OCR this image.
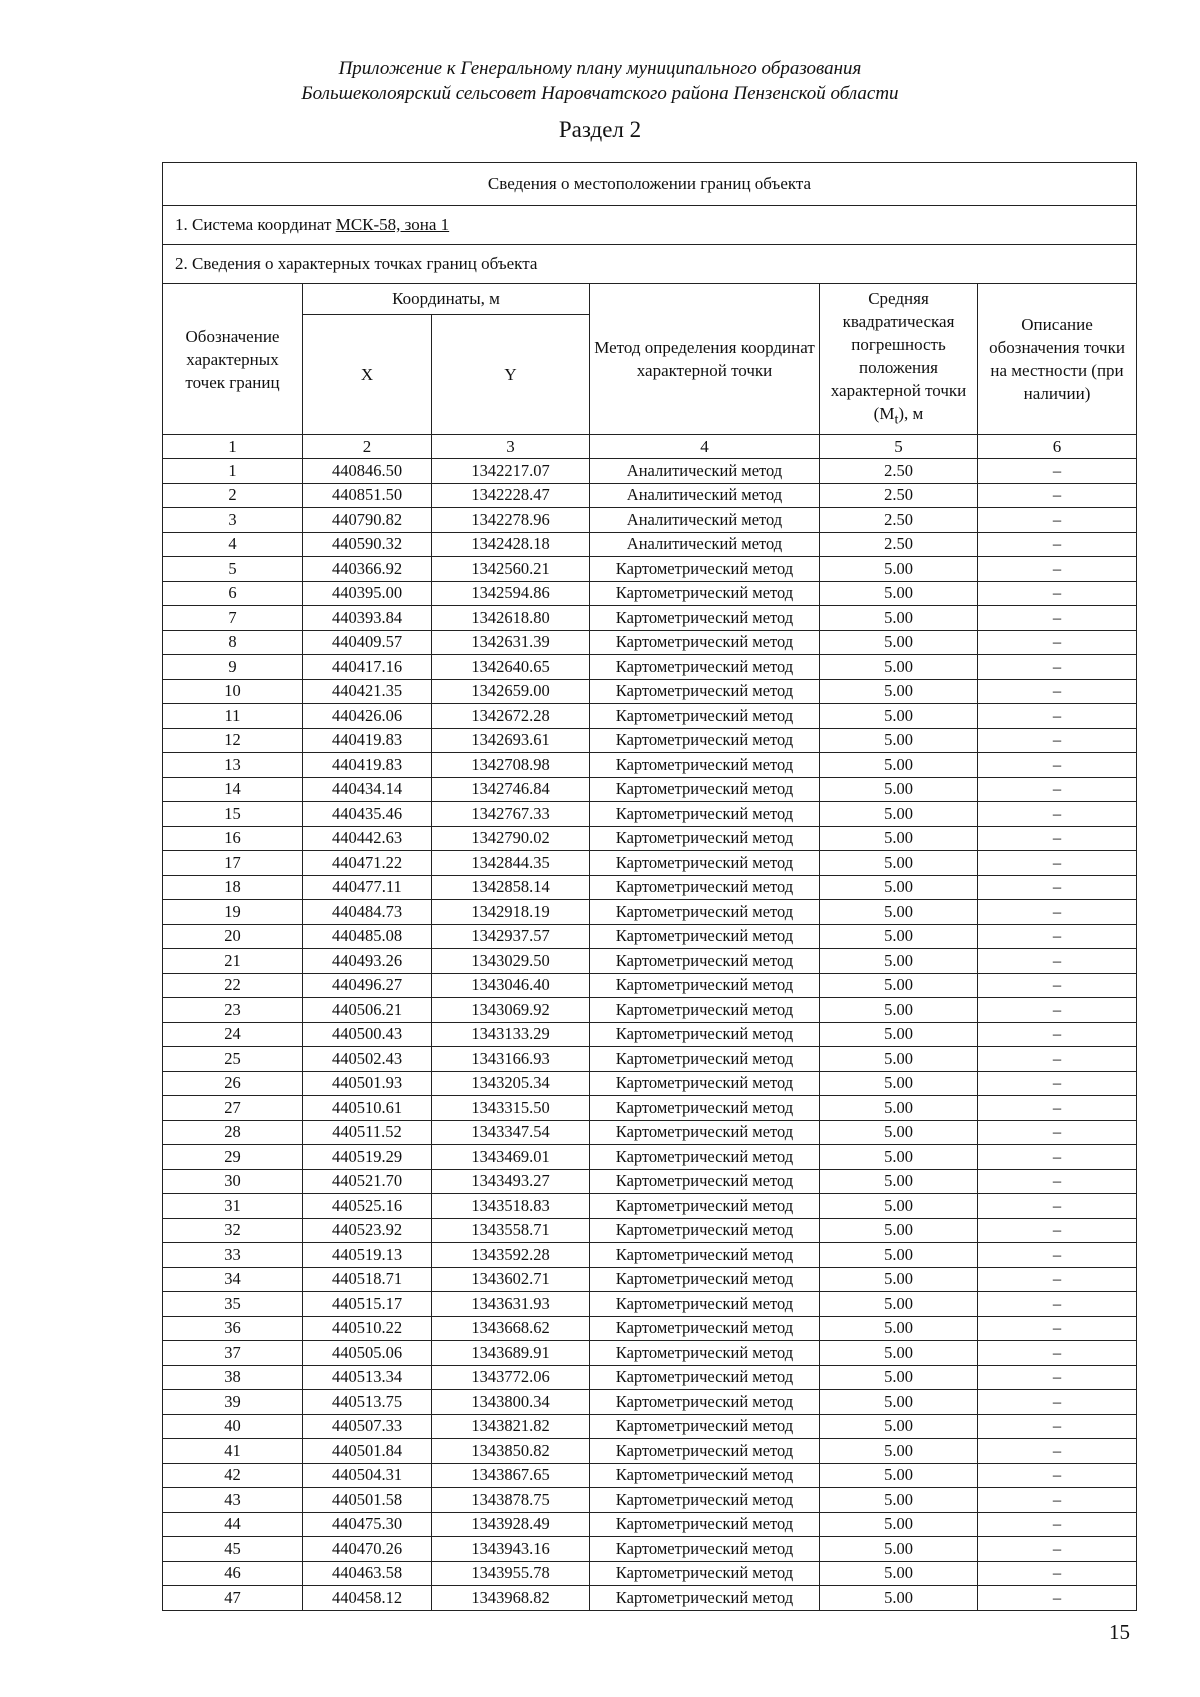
Приложение к Генеральному плану муниципального образования
Большеколоярский сельсовет Наровчатского района Пензенской области
Раздел 2
Сведения о местоположении границ объекта					
1. Система координат МСК-58, зона 1					
2. Сведения о характерных точках границ объекта					
Обозначение характерных точек границ	Координаты, м		Метод определения координат характерной точки	Средняя квадратическая погрешность положения характерной точки $(M_t)$, м	Описание обозначения точки на местности (при наличии)
	X	Y			
1	2	3	4	5	6
1	440846.50	1342217.07	Аналитический метод	2.50	–
2	440851.50	1342228.47	Аналитический метод	2.50	–
3	440790.82	1342278.96	Аналитический метод	2.50	–
4	440590.32	1342428.18	Аналитический метод	2.50	–
5	440366.92	1342560.21	Картометрический метод	5.00	–
6	440395.00	1342594.86	Картометрический метод	5.00	–
7	440393.84	1342618.80	Картометрический метод	5.00	–
8	440409.57	1342631.39	Картометрический метод	5.00	–
9	440417.16	1342640.65	Картометрический метод	5.00	–
10	440421.35	1342659.00	Картометрический метод	5.00	–
11	440426.06	1342672.28	Картометрический метод	5.00	–
12	440419.83	1342693.61	Картометрический метод	5.00	–
13	440419.83	1342708.98	Картометрический метод	5.00	–
14	440434.14	1342746.84	Картометрический метод	5.00	–
15	440435.46	1342767.33	Картометрический метод	5.00	–
16	440442.63	1342790.02	Картометрический метод	5.00	–
17	440471.22	1342844.35	Картометрический метод	5.00	–
18	440477.11	1342858.14	Картометрический метод	5.00	–
19	440484.73	1342918.19	Картометрический метод	5.00	–
20	440485.08	1342937.57	Картометрический метод	5.00	–
21	440493.26	1343029.50	Картометрический метод	5.00	–
22	440496.27	1343046.40	Картометрический метод	5.00	–
23	440506.21	1343069.92	Картометрический метод	5.00	–
24	440500.43	1343133.29	Картометрический метод	5.00	–
25	440502.43	1343166.93	Картометрический метод	5.00	–
26	440501.93	1343205.34	Картометрический метод	5.00	–
27	440510.61	1343315.50	Картометрический метод	5.00	–
28	440511.52	1343347.54	Картометрический метод	5.00	–
29	440519.29	1343469.01	Картометрический метод	5.00	–
30	440521.70	1343493.27	Картометрический метод	5.00	–
31	440525.16	1343518.83	Картометрический метод	5.00	–
32	440523.92	1343558.71	Картометрический метод	5.00	–
33	440519.13	1343592.28	Картометрический метод	5.00	–
34	440518.71	1343602.71	Картометрический метод	5.00	–
35	440515.17	1343631.93	Картометрический метод	5.00	–
36	440510.22	1343668.62	Картометрический метод	5.00	–
37	440505.06	1343689.91	Картометрический метод	5.00	–
38	440513.34	1343772.06	Картометрический метод	5.00	–
39	440513.75	1343800.34	Картометрический метод	5.00	–
40	440507.33	1343821.82	Картометрический метод	5.00	–
41	440501.84	1343850.82	Картометрический метод	5.00	–
42	440504.31	1343867.65	Картометрический метод	5.00	–
43	440501.58	1343878.75	Картометрический метод	5.00	–
44	440475.30	1343928.49	Картометрический метод	5.00	–
45	440470.26	1343943.16	Картометрический метод	5.00	–
46	440463.58	1343955.78	Картометрический метод	5.00	–
47	440458.12	1343968.82	Картометрический метод	5.00	–
15
